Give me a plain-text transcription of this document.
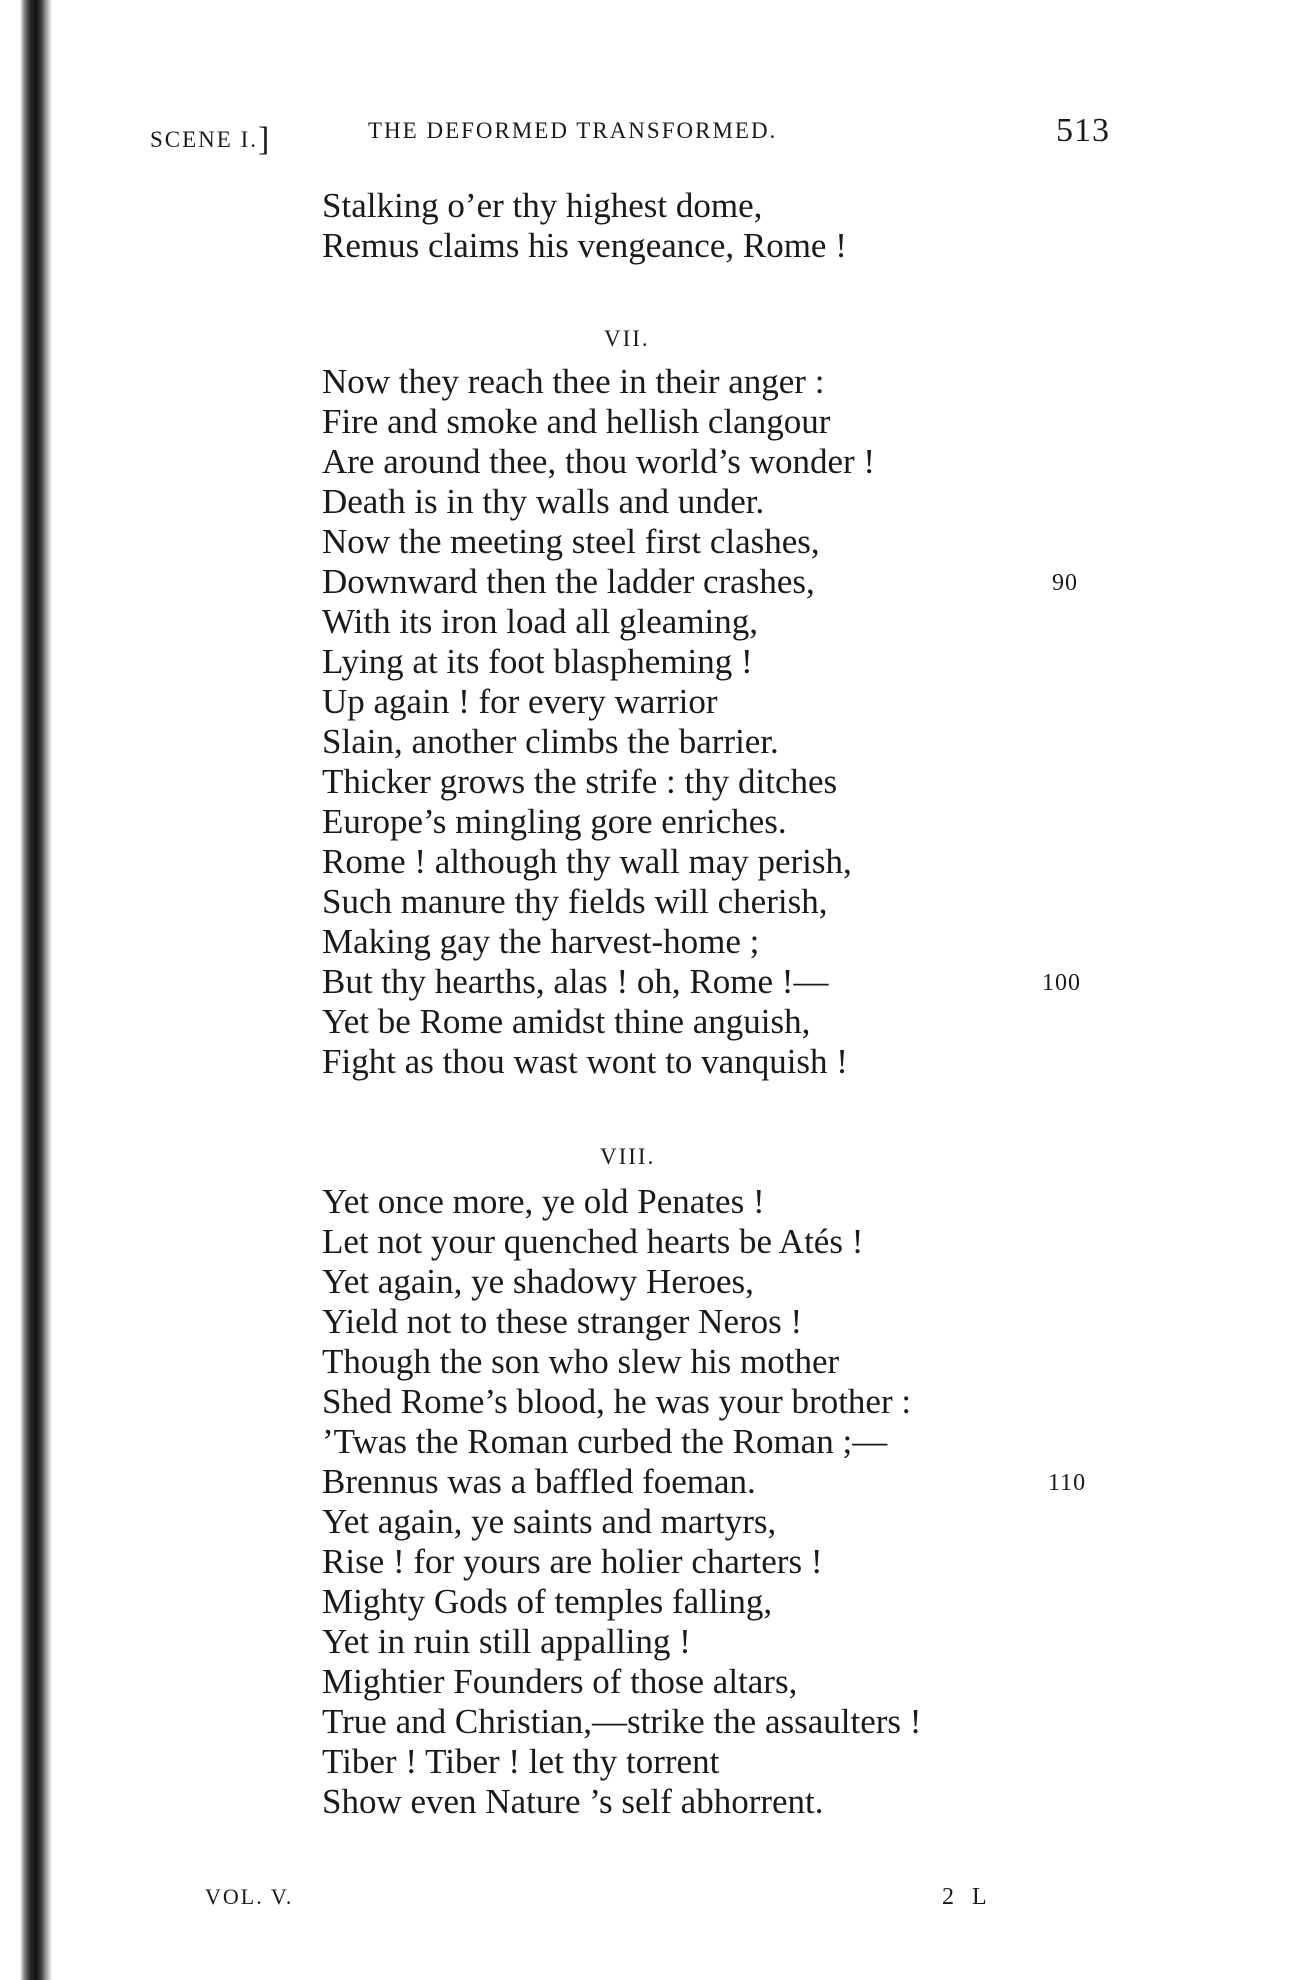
SCENE I.]	THE DEFORMED TRANSFORMED.	513
Stalking o’er thy highest dome,
Remus claims his vengeance, Rome !
VII.
Now they reach thee in their anger :
Fire and smoke and hellish clangour
Are around thee, thou world’s wonder !
Death is in thy walls and under.
Now the meeting steel first clashes,
Downward then the ladder crashes,
With its iron load all gleaming,
Lying at its foot blaspheming !
Up again ! for every warrior
Slain, another climbs the barrier.
Thicker grows the strife : thy ditches
Europe’s mingling gore enriches.
Rome ! although thy wall may perish,
Such manure thy fields will cherish,
Making gay the harvest-home ;
But thy hearths, alas ! oh, Rome !—
Yet be Rome amidst thine anguish,
Fight as thou wast wont to vanquish !
VIII.
Yet once more, ye old Penates !
Let not your quenched hearts be Atés !
Yet again, ye shadowy Heroes,
Yield not to these stranger Neros !
Though the son who slew his mother
Shed Rome’s blood, he was your brother :
’Twas the Roman curbed the Roman ;—
Brennus was a baffled foeman.
Yet again, ye saints and martyrs,
Rise ! for yours are holier charters !
Mighty Gods of temples falling,
Yet in ruin still appalling !
Mightier Founders of those altars,
True and Christian,—strike the assaulters !
Tiber ! Tiber ! let thy torrent
Show even Nature ’s self abhorrent.
90
100
110
VOL. V.	2 L
